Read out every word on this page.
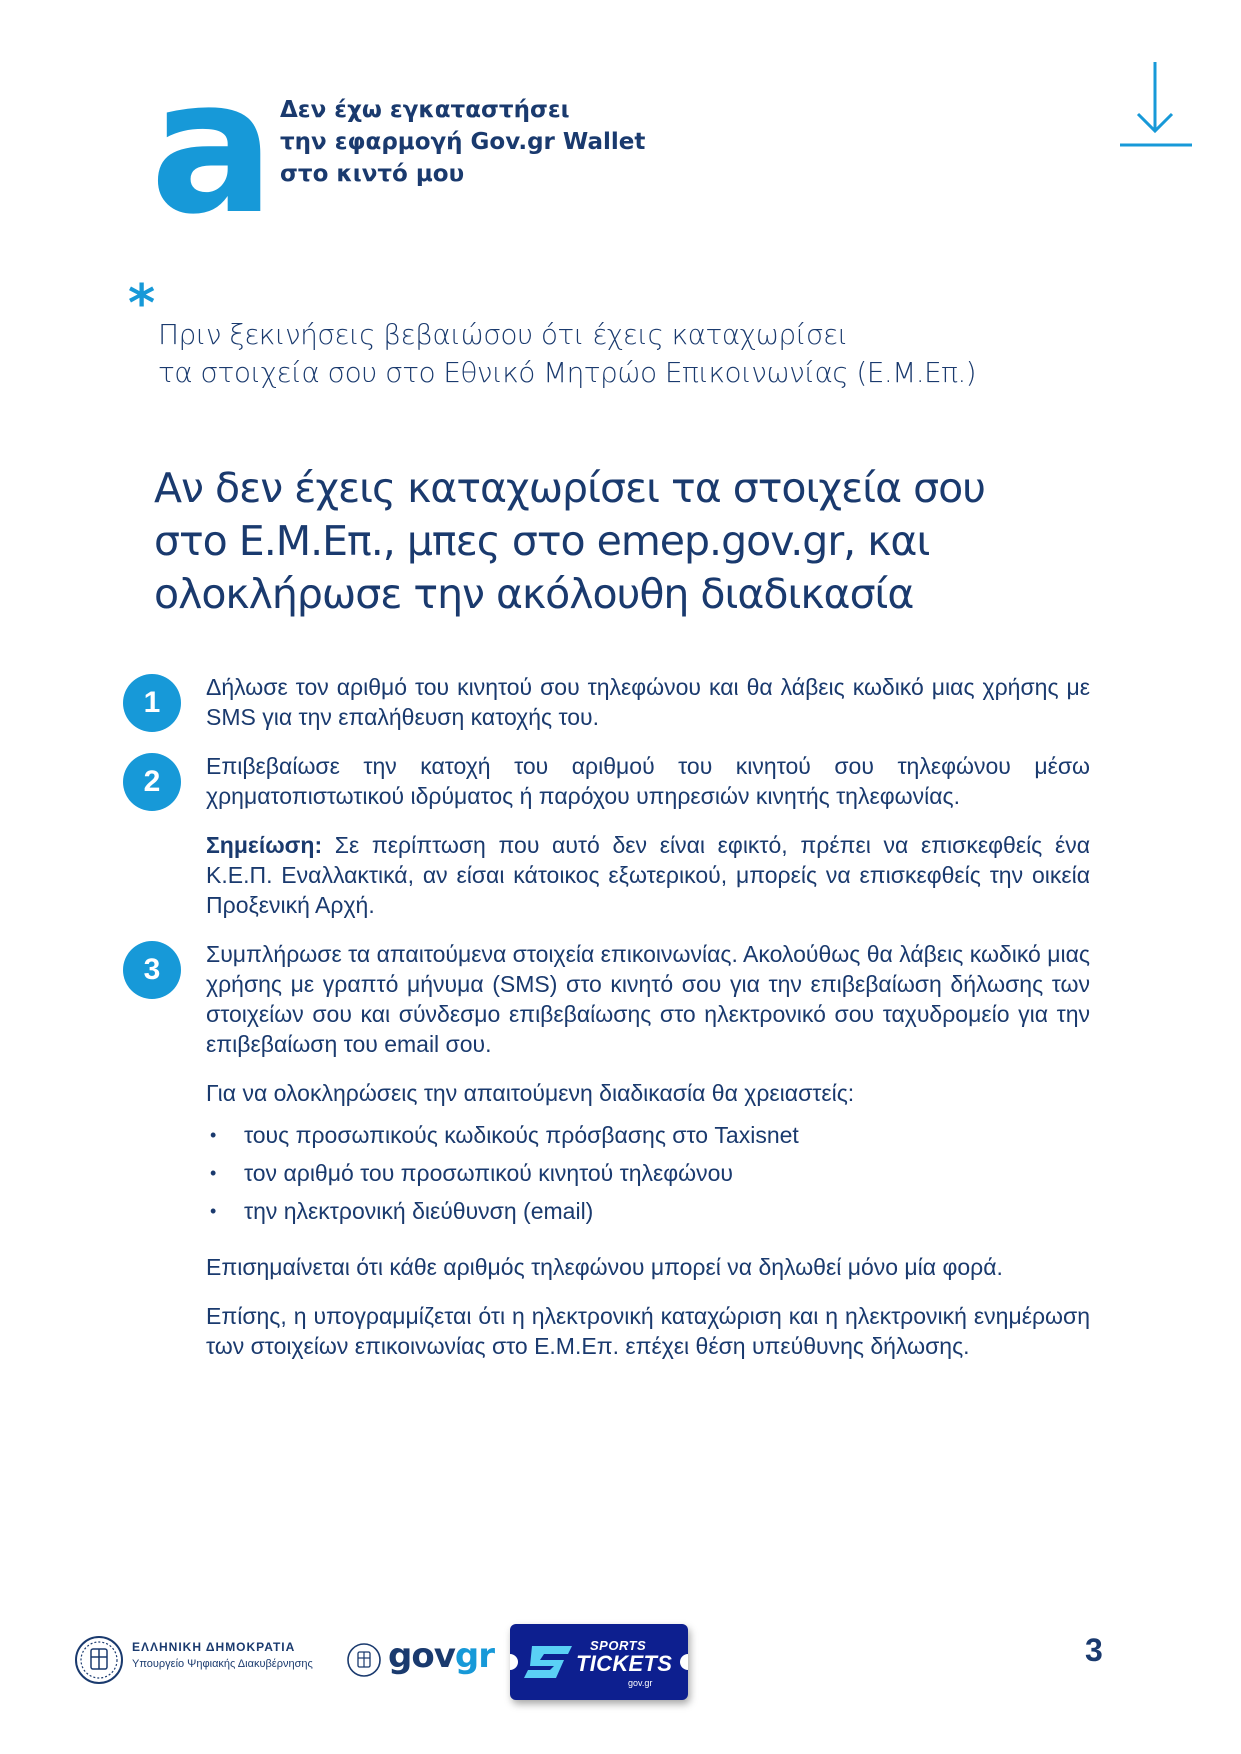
a Δεν έχω εγκαταστήσει
την εφαρμογή Gov.gr Wallet
στο κιντό μου
*
Πριν ξεκινήσεις βεβαιώσου ότι έχεις καταχωρίσει
τα στοιχεία σου στο Εθνικό Μητρώο Επικοινωνίας (Ε.Μ.Επ.)
Αν δεν έχεις καταχωρίσει τα στοιχεία σου
στο Ε.Μ.Επ., μπες στο emep.gov.gr, και
ολοκλήρωσε την ακόλουθη διαδικασία
1	Δήλωσε τον αριθμό του κινητού σου τηλεφώνου και θα λάβεις κωδικό μιας χρήσης με SMS για την επαλήθευση κατοχής του.

2	Επιβεβαίωσε την κατοχή του αριθμού του κινητού σου τηλεφώνου μέσω χρηματοπιστωτικού ιδρύματος ή παρόχου υπηρεσιών κινητής τηλεφωνίας.

Σημείωση: Σε περίπτωση που αυτό δεν είναι εφικτό, πρέπει να επισκεφθείς ένα Κ.Ε.Π. Εναλλακτικά, αν είσαι κάτοικος εξωτερικού, μπορείς να επισκεφθείς την οικεία Προξενική Αρχή.

3	Συμπλήρωσε τα απαιτούμενα στοιχεία επικοινωνίας. Ακολούθως θα λάβεις κωδικό μιας χρήσης με γραπτό μήνυμα (SMS) στο κινητό σου για την επιβεβαίωση δήλωσης των στοιχείων σου και σύνδεσμο επιβεβαίωσης στο ηλεκτρονικό σου ταχυδρομείο για την επιβεβαίωση του email σου.

Για να ολοκληρώσεις την απαιτούμενη διαδικασία θα χρειαστείς:

• τους προσωπικούς κωδικούς πρόσβασης στο Taxisnet
• τον αριθμό του προσωπικού κινητού τηλεφώνου
• την ηλεκτρονική διεύθυνση (email)

Επισημαίνεται ότι κάθε αριθμός τηλεφώνου μπορεί να δηλωθεί μόνο μία φορά.

Επίσης, η υπογραμμίζεται ότι η ηλεκτρονική καταχώριση και η ηλεκτρονική ενημέρωση των στοιχείων επικοινωνίας στο Ε.Μ.Επ. επέχει θέση υπεύθυνης δήλωσης.

ΕΛΛΗΝΙΚΗ ΔΗΜΟΚΡΑΤΙΑ
Υπουργείο Ψηφιακής Διακυβέρνησης govgr	SPORTS
TICKETS
gov.gr
3
